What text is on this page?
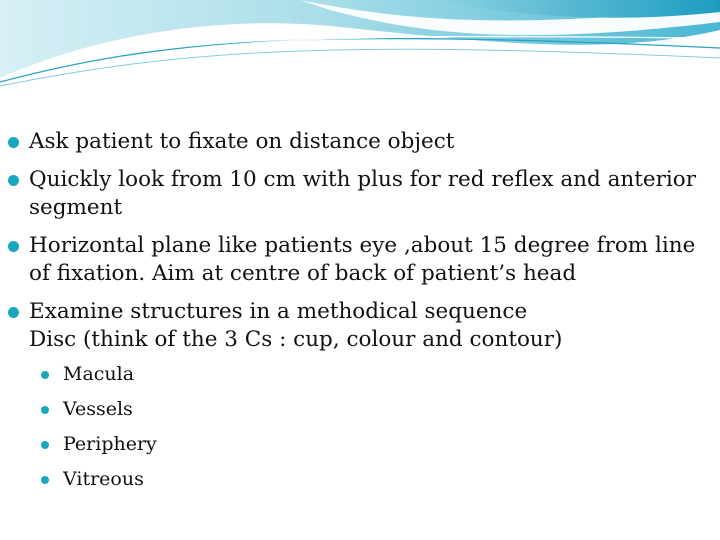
Ask patient to fixate on distance object
Quickly look from 10 cm with plus for red reflex and anterior
segment
Horizontal plane like patients eye ,about 15 degree from line
of fixation. Aim at centre of back of patient’s head
Examine structures in a methodical sequence
Disc (think of the 3 Cs : cup, colour and contour)
Macula
Vessels
Periphery
Vitreous
